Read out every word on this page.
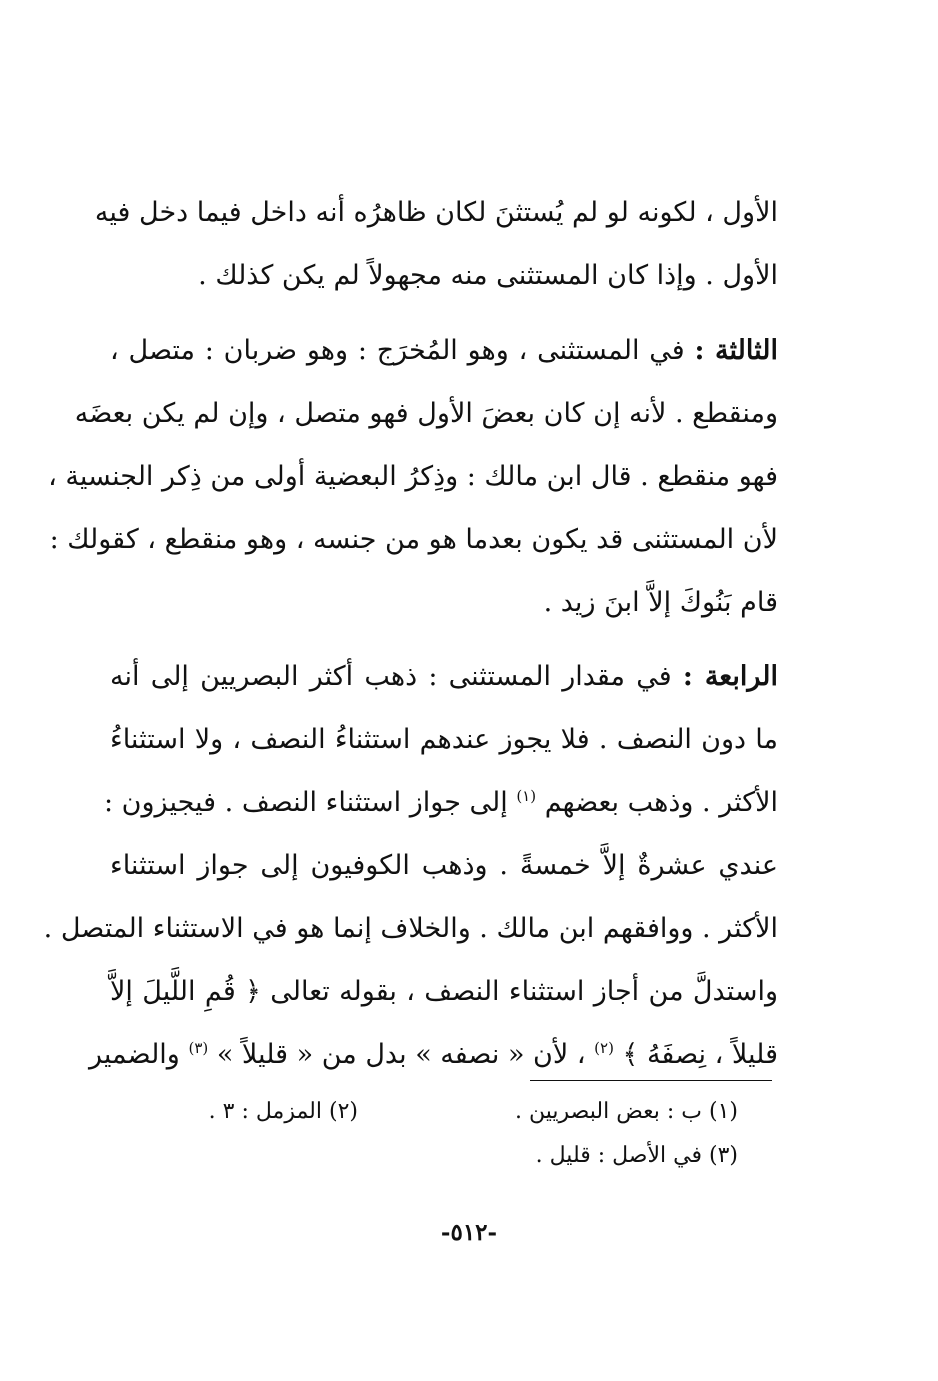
الأول ، لكونه لو لم يُستثنَ لكان ظاهرُه أنه داخل فيما دخل فيه
الأول . وإذا كان المستثنى منه مجهولاً لم يكن كذلك .
الثالثة : في المستثنى ، وهو المُخرَج : وهو ضربان : متصل ،
ومنقطع . لأنه إن كان بعضَ الأول فهو متصل ، وإن لم يكن بعضَه
فهو منقطع . قال ابن مالك : وذِكرُ البعضية أولى من ذِكر الجنسية ،
لأن المستثنى قد يكون بعدما هو من جنسه ، وهو منقطع ، كقولك :
قام بَنُوكَ إلاَّ ابنَ زيد .
الرابعة : في مقدار المستثنى : ذهب أكثر البصريين إلى أنه
ما دون النصف . فلا يجوز عندهم استثناءُ النصف ، ولا استثناءُ
الأكثر . وذهب بعضهم $^{(١)}$ إلى جواز استثناء النصف . فيجيزون :
عندي عشرةٌ إلاَّ خمسةً . وذهب الكوفيون إلى جواز استثناء
الأكثر . ووافقهم ابن مالك . والخلاف إنما هو في الاستثناء المتصل .
واستدلَّ من أجاز استثناء النصف ، بقوله تعالى ﴿ قُمِ اللَّيلَ إلاَّ
قليلاً ، نِصفَهُ ﴾ $^{(٢)}$ ، لأن « نصفه » بدل من « قليلاً » $^{(٣)}$ والضمير
(١) ب : بعض البصريين .
(٢) المزمل : ٣ .
(٣) في الأصل : قليل .
-٥١٢-
